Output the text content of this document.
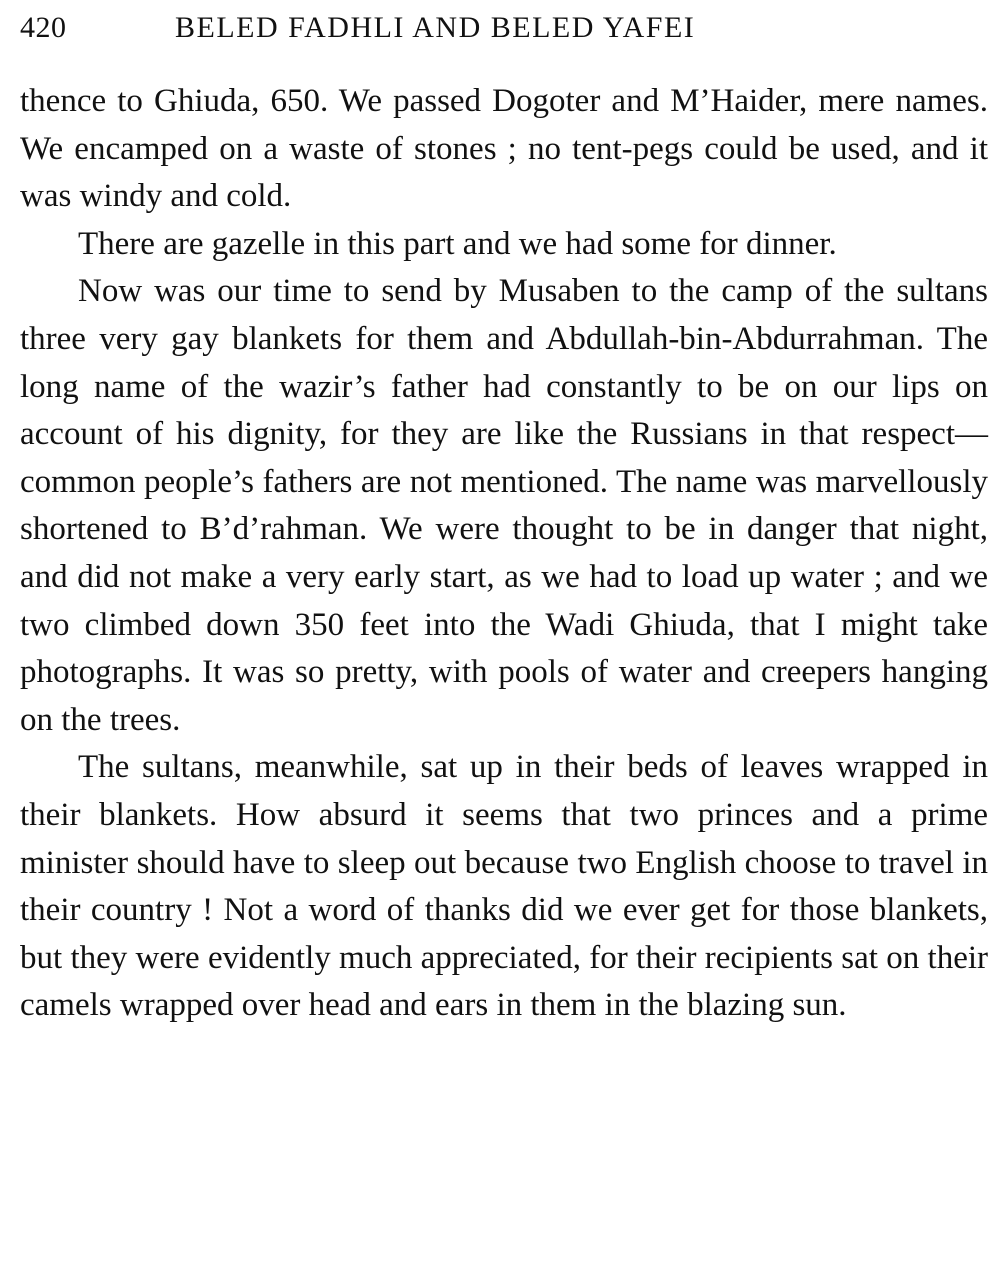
420	BELED FADHLI AND BELED YAFEI

thence to Ghiuda, 650. We passed Dogoter and M’Haider, mere names. We encamped on a waste of stones ; no tent-pegs could be used, and it was windy and cold.

There are gazelle in this part and we had some for dinner.

Now was our time to send by Musaben to the camp of the sultans three very gay blankets for them and Abdullah-bin-Abdurrahman. The long name of the wazir’s father had constantly to be on our lips on account of his dignity, for they are like the Russians in that respect—common people’s fathers are not mentioned. The name was marvellously shortened to B’d’rahman. We were thought to be in danger that night, and did not make a very early start, as we had to load up water ; and we two climbed down 350 feet into the Wadi Ghiuda, that I might take photographs. It was so pretty, with pools of water and creepers hanging on the trees.

The sultans, meanwhile, sat up in their beds of leaves wrapped in their blankets. How absurd it seems that two princes and a prime minister should have to sleep out because two English choose to travel in their country ! Not a word of thanks did we ever get for those blankets, but they were evidently much appreciated, for their recipients sat on their camels wrapped over head and ears in them in the blazing sun.
